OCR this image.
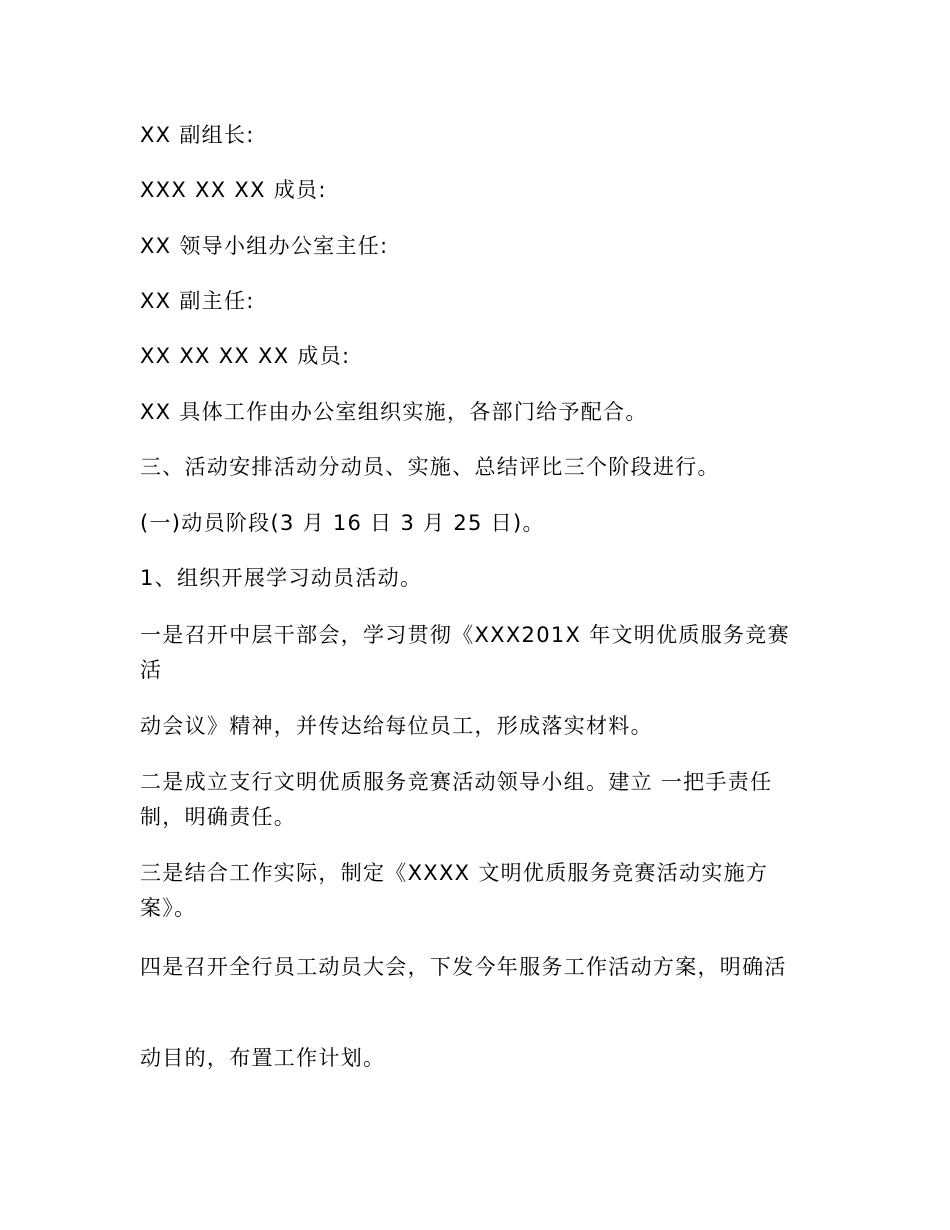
XX 副组长:

XXX XX XX 成员:

XX 领导小组办公室主任:

XX 副主任:

XX XX XX XX 成员:

XX 具体工作由办公室组织实施，各部门给予配合。

三、活动安排活动分动员、实施、总结评比三个阶段进行。

(一)动员阶段(3 月 16 日 3 月 25 日)。

1、组织开展学习动员活动。

一是召开中层干部会，学习贯彻《XXX201X 年文明优质服务竞赛活

动会议》精神，并传达给每位员工，形成落实材料。

二是成立支行文明优质服务竞赛活动领导小组。建立 一把手责任制，明确责任。

三是结合工作实际，制定《XXXX 文明优质服务竞赛活动实施方案》。

四是召开全行员工动员大会，下发今年服务工作活动方案，明确活

动目的，布置工作计划。
